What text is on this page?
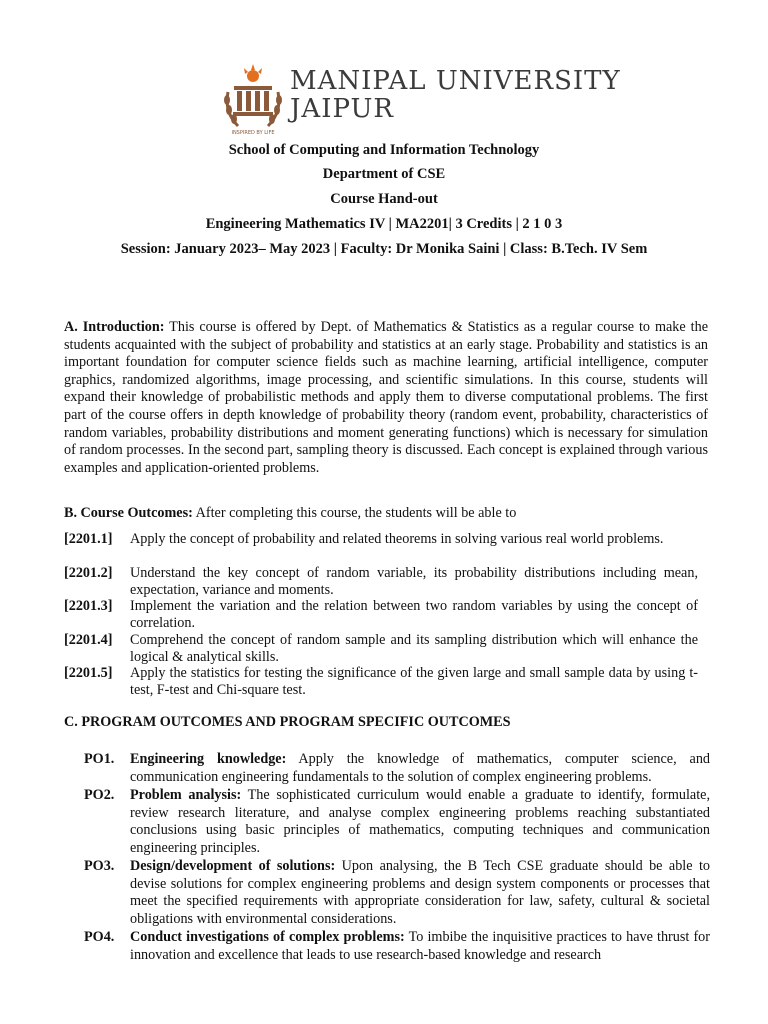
INSPIRED BY LIFE
MANIPAL UNIVERSITY
JAIPUR
School of Computing and Information Technology
Department of CSE
Course Hand-out
Engineering Mathematics IV | MA2201| 3 Credits | 2 1 0 3
Session: January 2023– May 2023 | Faculty: Dr Monika Saini | Class: B.Tech. IV Sem
A. Introduction: This course is offered by Dept. of Mathematics & Statistics as a regular course to make the students acquainted with the subject of probability and statistics at an early stage. Probability and statistics is an important foundation for computer science fields such as machine learning, artificial intelligence, computer graphics, randomized algorithms, image processing, and scientific simulations. In this course, students will expand their knowledge of probabilistic methods and apply them to diverse computational problems. The first part of the course offers in depth knowledge of probability theory (random event, probability, characteristics of random variables, probability distributions and moment generating functions) which is necessary for simulation of random processes. In the second part, sampling theory is discussed. Each concept is explained through various examples and application-oriented problems.
B. Course Outcomes: After completing this course, the students will be able to
[2201.1] Apply the concept of probability and related theorems in solving various real world problems.
[2201.2] Understand the key concept of random variable, its probability distributions including mean, expectation, variance and moments.
[2201.3] Implement the variation and the relation between two random variables by using the concept of correlation.
[2201.4] Comprehend the concept of random sample and its sampling distribution which will enhance the logical & analytical skills.
[2201.5] Apply the statistics for testing the significance of the given large and small sample data by using t-test, F-test and Chi-square test.
C. PROGRAM OUTCOMES AND PROGRAM SPECIFIC OUTCOMES
PO1. Engineering knowledge: Apply the knowledge of mathematics, computer science, and communication engineering fundamentals to the solution of complex engineering problems.
PO2. Problem analysis: The sophisticated curriculum would enable a graduate to identify, formulate, review research literature, and analyse complex engineering problems reaching substantiated conclusions using basic principles of mathematics, computing techniques and communication engineering principles.
PO3. Design/development of solutions: Upon analysing, the B Tech CSE graduate should be able to devise solutions for complex engineering problems and design system components or processes that meet the specified requirements with appropriate consideration for law, safety, cultural & societal obligations with environmental considerations.
PO4. Conduct investigations of complex problems: To imbibe the inquisitive practices to have thrust for innovation and excellence that leads to use research-based knowledge and research
